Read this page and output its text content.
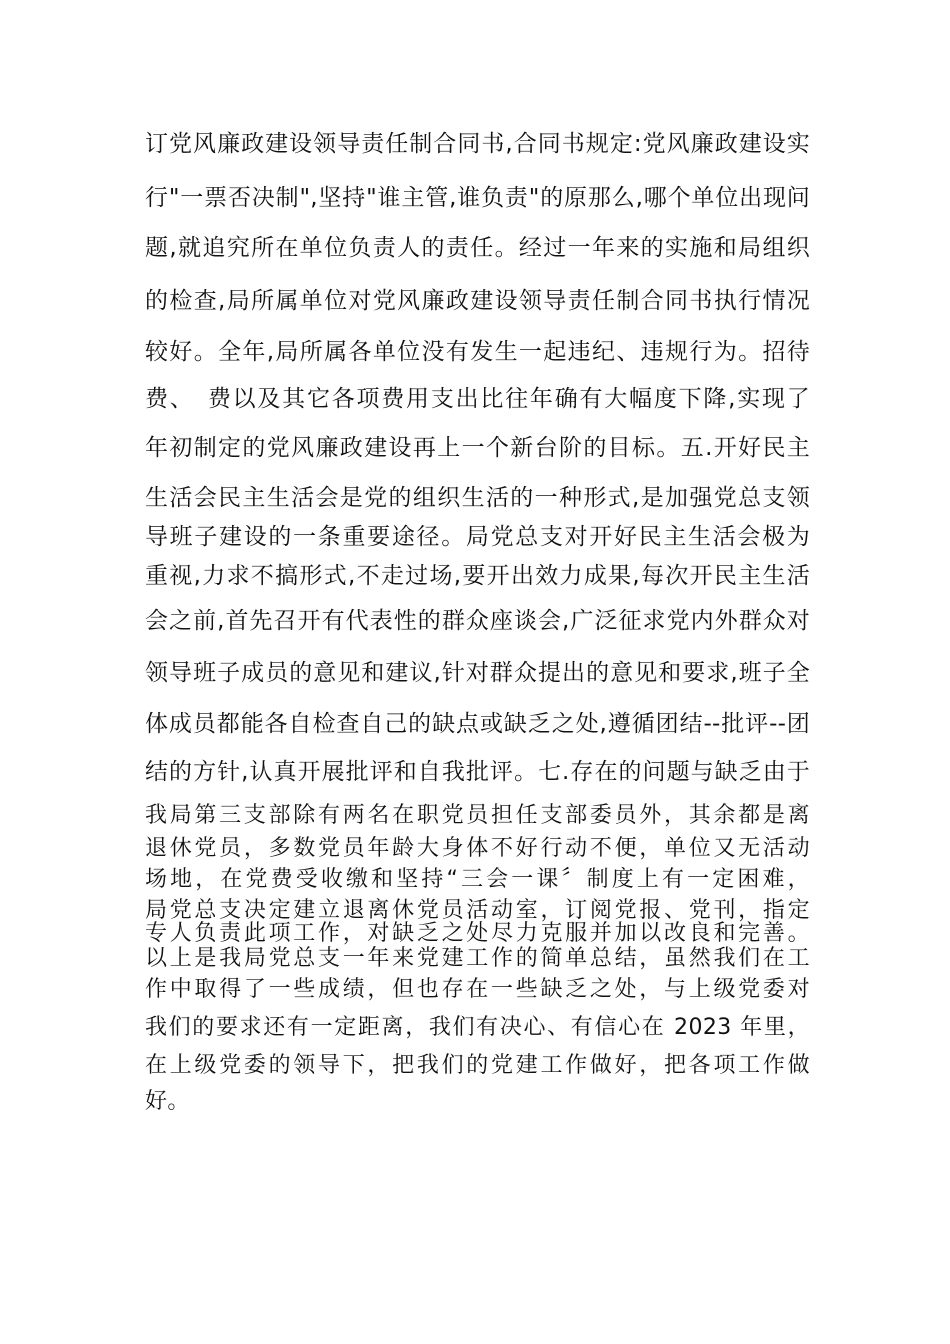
订党风廉政建设领导责任制合同书,合同书规定:党风廉政建设实
行"一票否决制",坚持"谁主管,谁负责"的原那么,哪个单位出现问
题,就追究所在单位负责人的责任。经过一年来的实施和局组织
的检查,局所属单位对党风廉政建设领导责任制合同书执行情况
较好。全年,局所属各单位没有发生一起违纪、违规行为。招待
费、　费以及其它各项费用支出比往年确有大幅度下降,实现了
年初制定的党风廉政建设再上一个新台阶的目标。五.开好民主
生活会民主生活会是党的组织生活的一种形式,是加强党总支领
导班子建设的一条重要途径。局党总支对开好民主生活会极为
重视,力求不搞形式,不走过场,要开出效力成果,每次开民主生活
会之前,首先召开有代表性的群众座谈会,广泛征求党内外群众对
领导班子成员的意见和建议,针对群众提出的意见和要求,班子全
体成员都能各自检查自己的缺点或缺乏之处,遵循团结--批评--团
结的方针,认真开展批评和自我批评。七.存在的问题与缺乏由于
我局第三支部除有两名在职党员担任支部委员外，其余都是离
退休党员，多数党员年龄大身体不好行动不便，单位又无活动
场地，在党费受收缴和坚持“三会一课〞制度上有一定困难，
局党总支决定建立退离休党员活动室，订阅党报、党刊，指定
专人负责此项工作，对缺乏之处尽力克服并加以改良和完善。
以上是我局党总支一年来党建工作的简单总结，虽然我们在工
作中取得了一些成绩，但也存在一些缺乏之处，与上级党委对
我们的要求还有一定距离，我们有决心、有信心在 2023 年里，
在上级党委的领导下，把我们的党建工作做好，把各项工作做
好。
